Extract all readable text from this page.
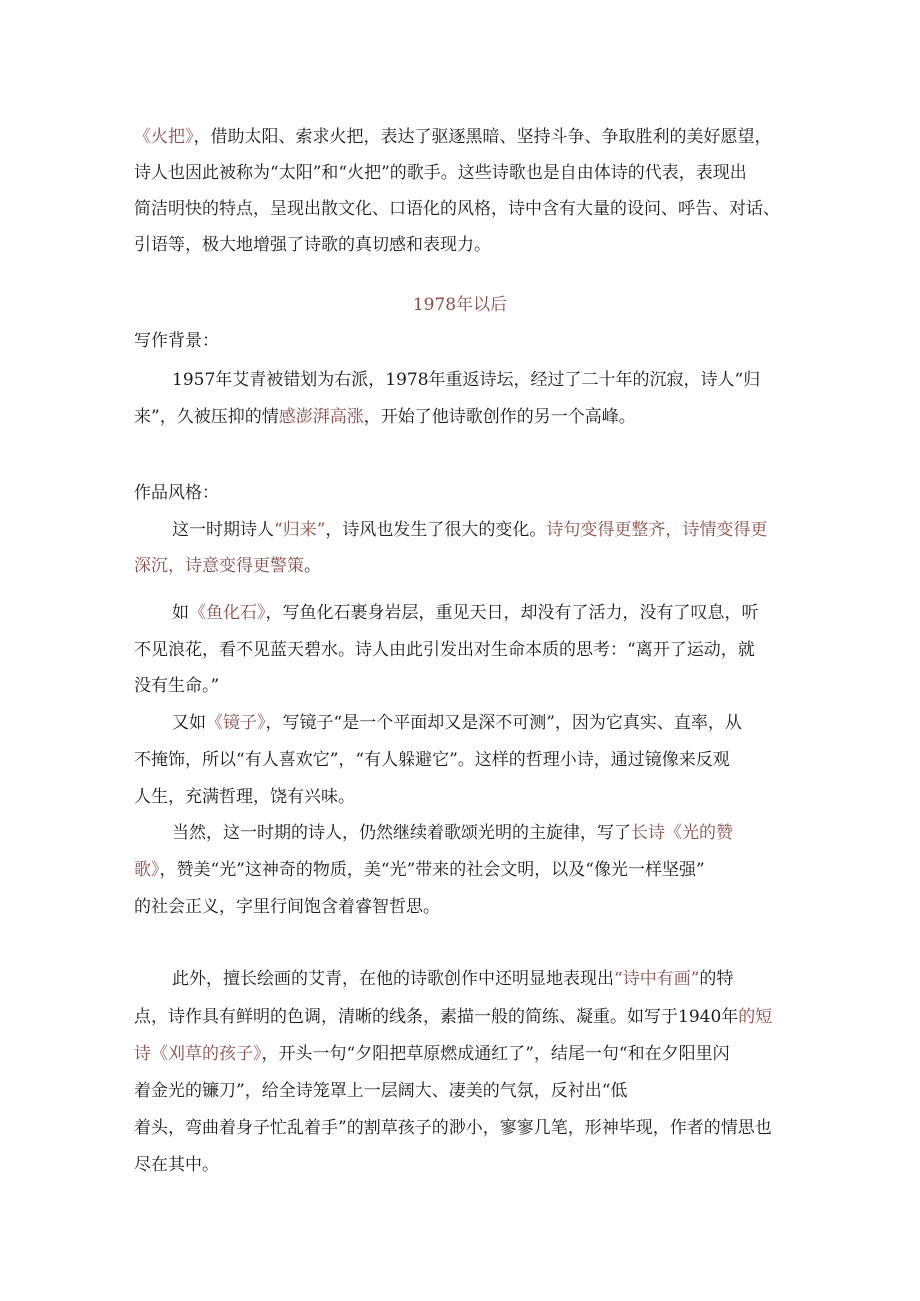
《火把》，借助太阳、索求火把，表达了驱逐黑暗、坚持斗争、争取胜利的美好愿望，
诗人也因此被称为“太阳”和“火把”的歌手。这些诗歌也是自由体诗的代表，表现出
简洁明快的特点，呈现出散文化、口语化的风格，诗中含有大量的设问、呼告、对话、
引语等，极大地增强了诗歌的真切感和表现力。
1978年以后
写作背景：
1957年艾青被错划为右派，1978年重返诗坛，经过了二十年的沉寂，诗人“归
来”，久被压抑的情感澎湃高涨，开始了他诗歌创作的另一个高峰。
作品风格：
这一时期诗人“归来”，诗风也发生了很大的变化。诗句变得更整齐，诗情变得更
深沉，诗意变得更警策。
如《鱼化石》，写鱼化石裹身岩层，重见天日，却没有了活力，没有了叹息，听
不见浪花，看不见蓝天碧水。诗人由此引发出对生命本质的思考：“离开了运动，就
没有生命。”
又如《镜子》，写镜子“是一个平面却又是深不可测”，因为它真实、直率，从
不掩饰，所以“有人喜欢它”，“有人躲避它”。这样的哲理小诗，通过镜像来反观
人生，充满哲理，饶有兴味。
当然，这一时期的诗人，仍然继续着歌颂光明的主旋律，写了长诗《光的赞
歌》，赞美“光”这神奇的物质，美“光”带来的社会文明，以及“像光一样坚强”
的社会正义，字里行间饱含着睿智哲思。
此外，擅长绘画的艾青，在他的诗歌创作中还明显地表现出“诗中有画”的特
点，诗作具有鲜明的色调，清晰的线条，素描一般的简练、凝重。如写于1940年的短
诗《刈草的孩子》，开头一句“夕阳把草原燃成通红了”，结尾一句“和在夕阳里闪
着金光的镰刀”，给全诗笼罩上一层阔大、凄美的气氛，反衬出“低
着头，弯曲着身子忙乱着手”的割草孩子的渺小，寥寥几笔，形神毕现，作者的情思也
尽在其中。
